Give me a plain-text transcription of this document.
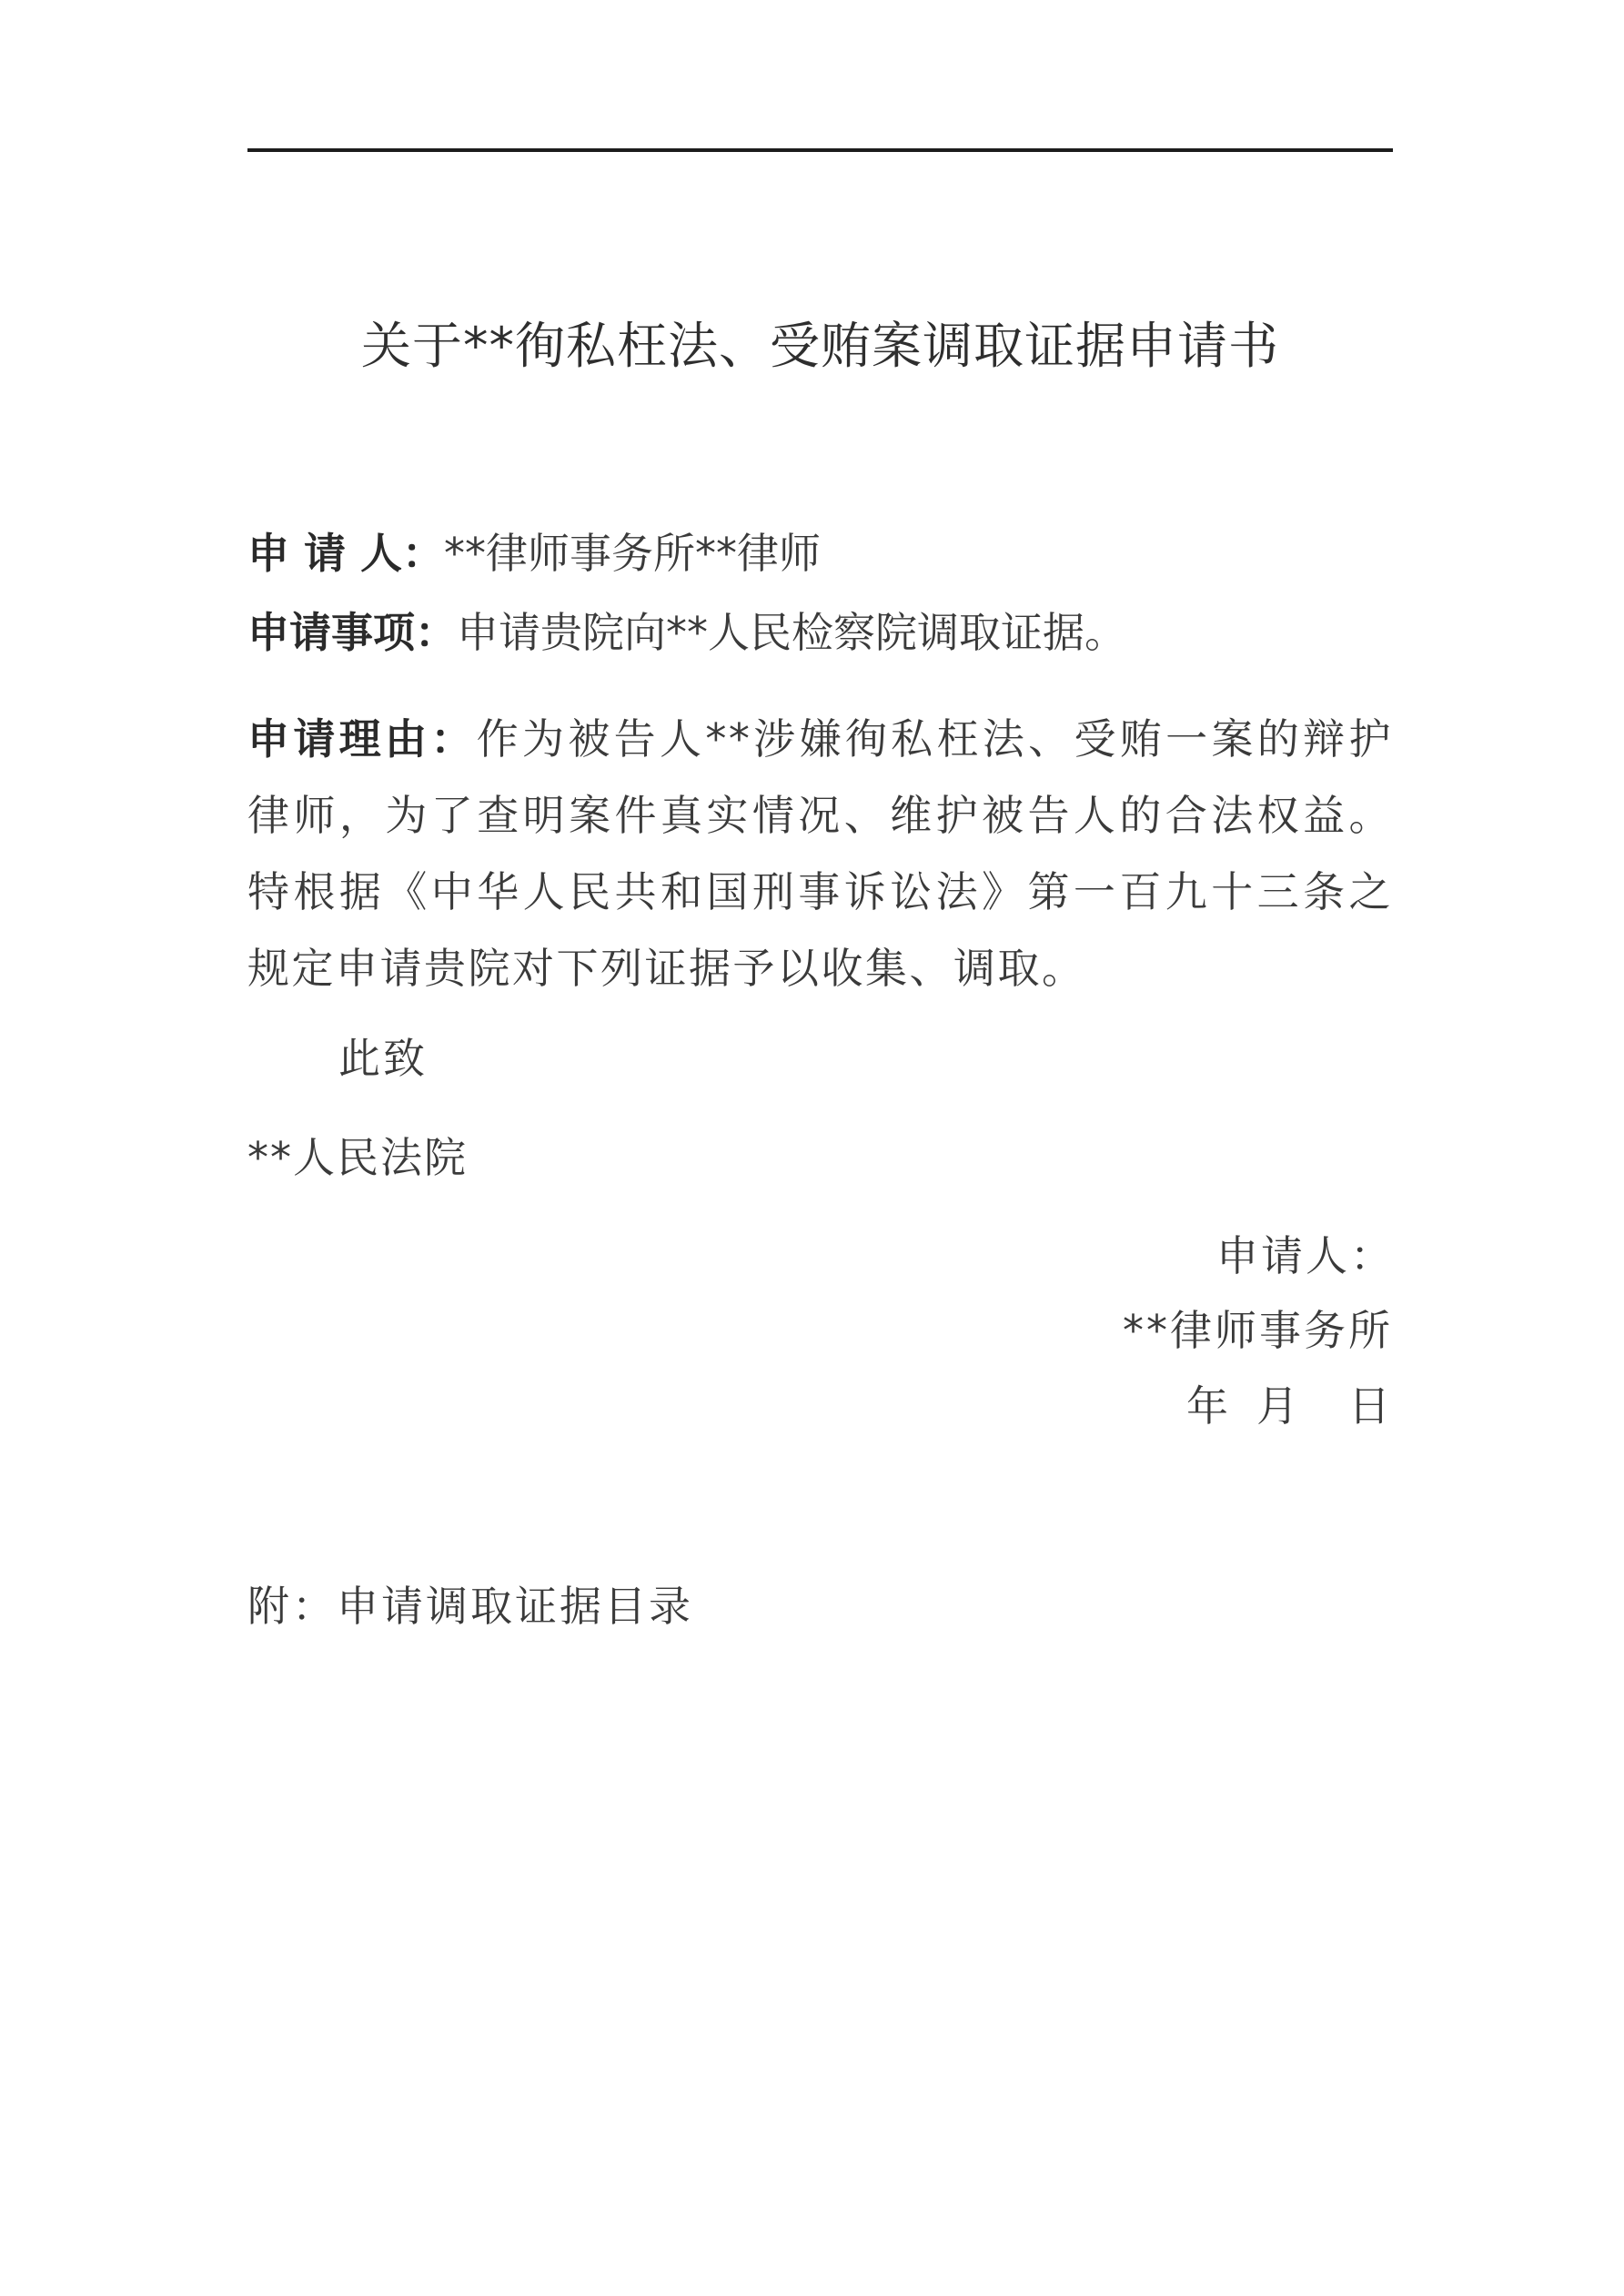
关于**徇私枉法、受贿案调取证据申请书
申 请 人：**律师事务所**律师
申请事项：申请贵院向**人民检察院调取证据。
申请理由：作为被告人**涉嫌徇私枉法、受贿一案的辩护律师，为了查明案件真实情况、维护被告人的合法权益。特根据《中华人民共和国刑事诉讼法》第一百九十三条之规定申请贵院对下列证据予以收集、调取。
此致
**人民法院
申请人：
**律师事务所
年 月 日
附：申请调取证据目录
